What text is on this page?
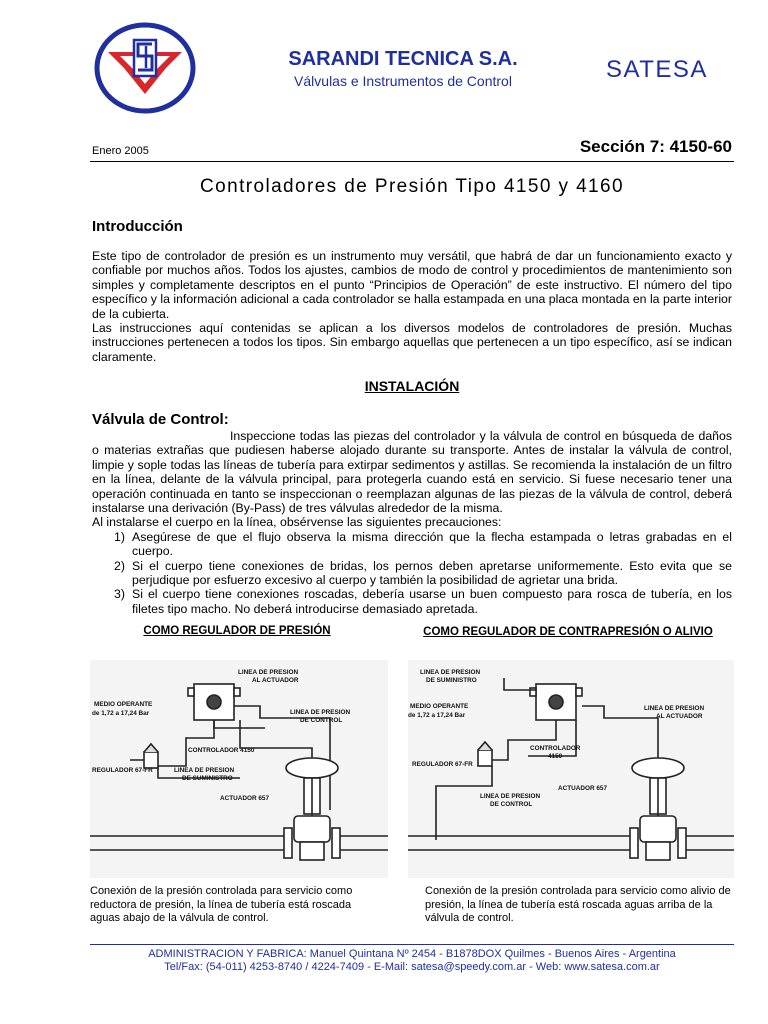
SARANDI TECNICA S.A.
Válvulas e Instrumentos de Control	SATESA
Enero 2005	Sección 7: 4150-60
Controladores de Presión Tipo 4150 y 4160
Introducción

Este tipo de controlador de presión es un instrumento muy versátil, que habrá de dar un funcionamiento exacto y confiable por muchos años. Todos los ajustes, cambios de modo de control y procedimientos de mantenimiento son simples y completamente descriptos en el punto “Principios de Operación” de este instructivo. El número del tipo específico y la información adicional a cada controlador se halla estampada en una placa montada en la parte interior de la cubierta.

Las instrucciones aquí contenidas se aplican a los diversos modelos de controladores de presión. Muchas instrucciones pertenecen a todos los tipos. Sin embargo aquellas que pertenecen a un tipo específico, así se indican claramente.

INSTALACIÓN
Válvula de Control:

Inspeccione todas las piezas del controlador y la válvula de control en búsqueda de daños o materias extrañas que pudiesen haberse alojado durante su transporte. Antes de instalar la válvula de control, limpie y sople todas las líneas de tubería para extirpar sedimentos y astillas. Se recomienda la instalación de un filtro en la línea, delante de la válvula principal, para protegerla cuando está en servicio. Si fuese necesario tener una operación continuada en tanto se inspeccionan o reemplazan algunas de las piezas de la válvula de control, deberá instalarse una derivación (By-Pass) de tres válvulas alrededor de la misma.

Al instalarse el cuerpo en la línea, obsérvense las siguientes precauciones:

1) Asegúrese de que el flujo observa la misma dirección que la flecha estampada o letras grabadas en el cuerpo.
2) Si el cuerpo tiene conexiones de bridas, los pernos deben apretarse uniformemente. Esto evita que se perjudique por esfuerzo excesivo al cuerpo y también la posibilidad de agrietar una brida.
3) Si el cuerpo tiene conexiones roscadas, debería usarse un buen compuesto para rosca de tubería, en los filetes tipo macho. No deberá introducirse demasiado apretada.
COMO REGULADOR DE PRESIÓN	COMO REGULADOR DE CONTRAPRESIÓN O ALIVIO
LINEA DE PRESION
AL ACTUADOR
LINEA DE PRESION
DE CONTROL
MEDIO OPERANTE
de 1,72 a 17,24 Bar
CONTROLADOR 4150
REGULADOR 67-FR	LINEA DE PRESION
DE SUMINISTRO
ACTUADOR 657
LINEA DE PRESION
DE SUMINISTRO
MEDIO OPERANTE
de 1,72 a 17,24 Bar
LINEA DE PRESION
AL ACTUADOR
CONTROLADOR
4150
REGULADOR 67-FR
LINEA DE PRESION
DE CONTROL
ACTUADOR 657
Conexión de la presión controlada para servicio como reductora de presión, la línea de tubería está roscada aguas abajo de la válvula de control.
Conexión de la presión controlada para servicio como alivio de presión, la línea de tubería está roscada aguas arriba de la válvula de control.
ADMINISTRACION Y FABRICA: Manuel Quintana Nº 2454 - B1878DOX Quilmes - Buenos Aires - Argentina
Tel/Fax: (54-011) 4253-8740 / 4224-7409 - E-Mail: satesa@speedy.com.ar - Web: www.satesa.com.ar
